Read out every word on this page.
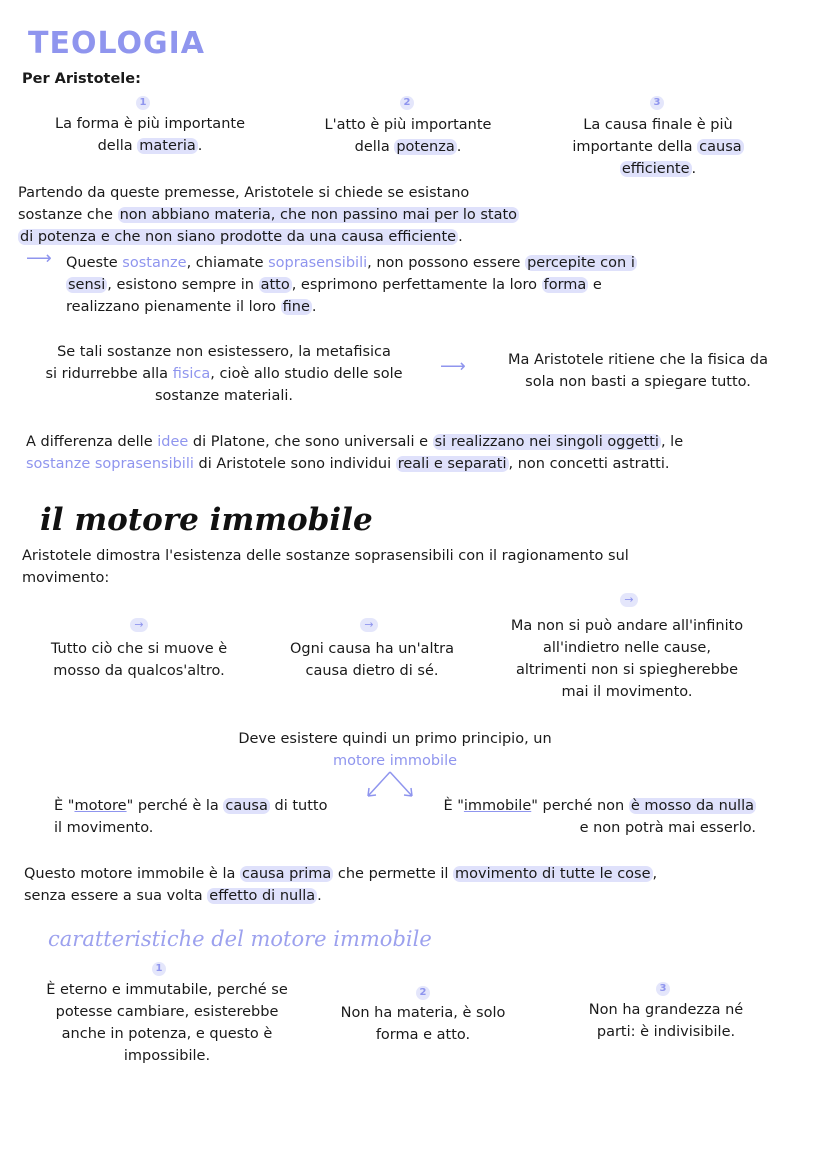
TEOLOGIA
Per Aristotele:
1
La forma è più importante
della materia .
2
L'atto è più importante
della potenza .
3
La causa finale è più
importante della causa
efficiente .
Partendo da queste premesse, Aristotele si chiede se esistano
sostanze che non abbiano materia, che non passino mai per lo stato
di potenza e che non siano prodotte da una causa efficiente .
⟶ Queste sostanze, chiamate soprasensibili, non possono essere percepite con i
sensi , esistono sempre in atto , esprimono perfettamente la loro forma e
realizzano pienamente il loro fine .
Se tali sostanze non esistessero, la metafisica
si ridurrebbe alla fisica, cioè allo studio delle sole
sostanze materiali.
⟶	Ma Aristotele ritiene che la fisica da
sola non basti a spiegare tutto.
A differenza delle idee di Platone, che sono universali e si realizzano nei singoli oggetti , le
sostanze soprasensibili di Aristotele sono individui reali e separati , non concetti astratti.
il motore immobile
Aristotele dimostra l'esistenza delle sostanze soprasensibili con il ragionamento sul
movimento:
→
Tutto ciò che si muove è
mosso da qualcos'altro.
→
Ogni causa ha un'altra
causa dietro di sé.
→
Ma non si può andare all'infinito
all'indietro nelle cause,
altrimenti non si spiegherebbe
mai il movimento.
Deve esistere quindi un primo principio, un
motore immobile
È "motore" perché è la causa di tutto
il movimento.
È "immobile" perché non è mosso da nulla
e non potrà mai esserlo.
Questo motore immobile è la causa prima che permette il movimento di tutte le cose ,
senza essere a sua volta effetto di nulla .
caratteristiche del motore immobile
1
È eterno e immutabile, perché se
potesse cambiare, esisterebbe
anche in potenza, e questo è
impossibile.
2
Non ha materia, è solo
forma e atto.
3
Non ha grandezza né
parti: è indivisibile.
